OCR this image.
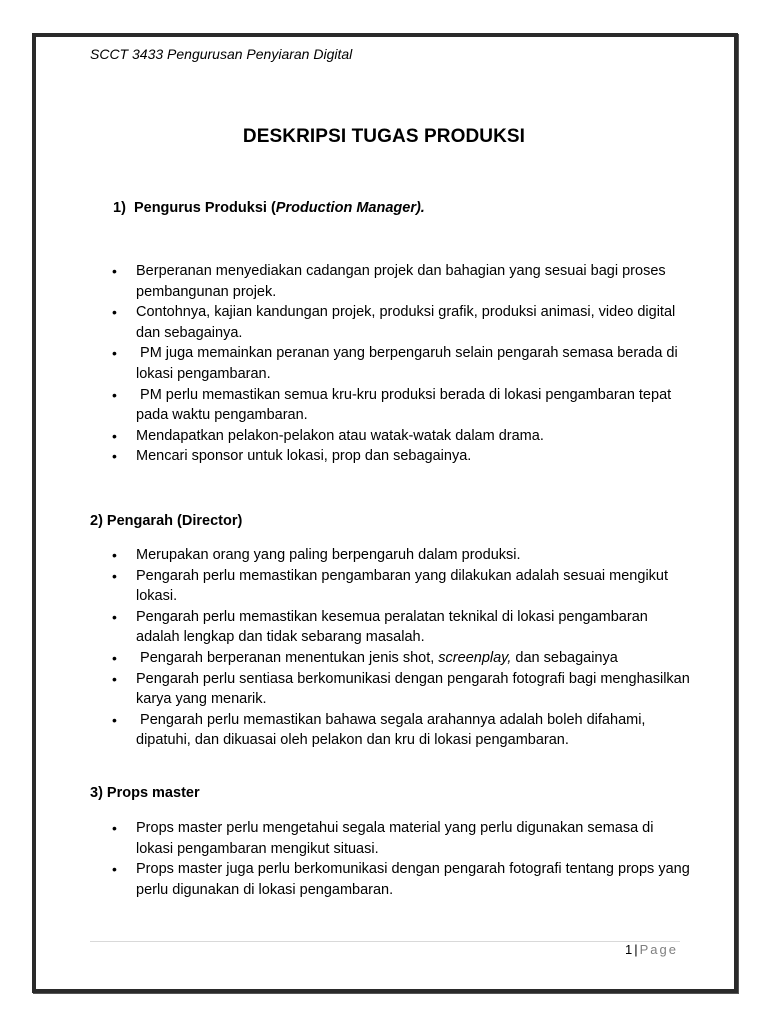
SCCT 3433 Pengurusan Penyiaran Digital
DESKRIPSI TUGAS PRODUKSI
1) Pengurus Produksi (Production Manager).
• Berperanan menyediakan cadangan projek dan bahagian yang sesuai bagi proses pembangunan projek.
• Contohnya, kajian kandungan projek, produksi grafik, produksi animasi, video digital dan sebagainya.
• PM juga memainkan peranan yang berpengaruh selain pengarah semasa berada di lokasi pengambaran.
• PM perlu memastikan semua kru-kru produksi berada di lokasi pengambaran tepat pada waktu pengambaran.
• Mendapatkan pelakon-pelakon atau watak-watak dalam drama.
• Mencari sponsor untuk lokasi, prop dan sebagainya.
2) Pengarah (Director)
• Merupakan orang yang paling berpengaruh dalam produksi.
• Pengarah perlu memastikan pengambaran yang dilakukan adalah sesuai mengikut lokasi.
• Pengarah perlu memastikan kesemua peralatan teknikal di lokasi pengambaran adalah lengkap dan tidak sebarang masalah.
• Pengarah berperanan menentukan jenis shot, screenplay, dan sebagainya
• Pengarah perlu sentiasa berkomunikasi dengan pengarah fotografi bagi menghasilkan karya yang menarik.
• Pengarah perlu memastikan bahawa segala arahannya adalah boleh difahami, dipatuhi, dan dikuasai oleh pelakon dan kru di lokasi pengambaran.
3) Props master
• Props master perlu mengetahui segala material yang perlu digunakan semasa di lokasi pengambaran mengikut situasi.
• Props master juga perlu berkomunikasi dengan pengarah fotografi tentang props yang perlu digunakan di lokasi pengambaran.
1 | Page
